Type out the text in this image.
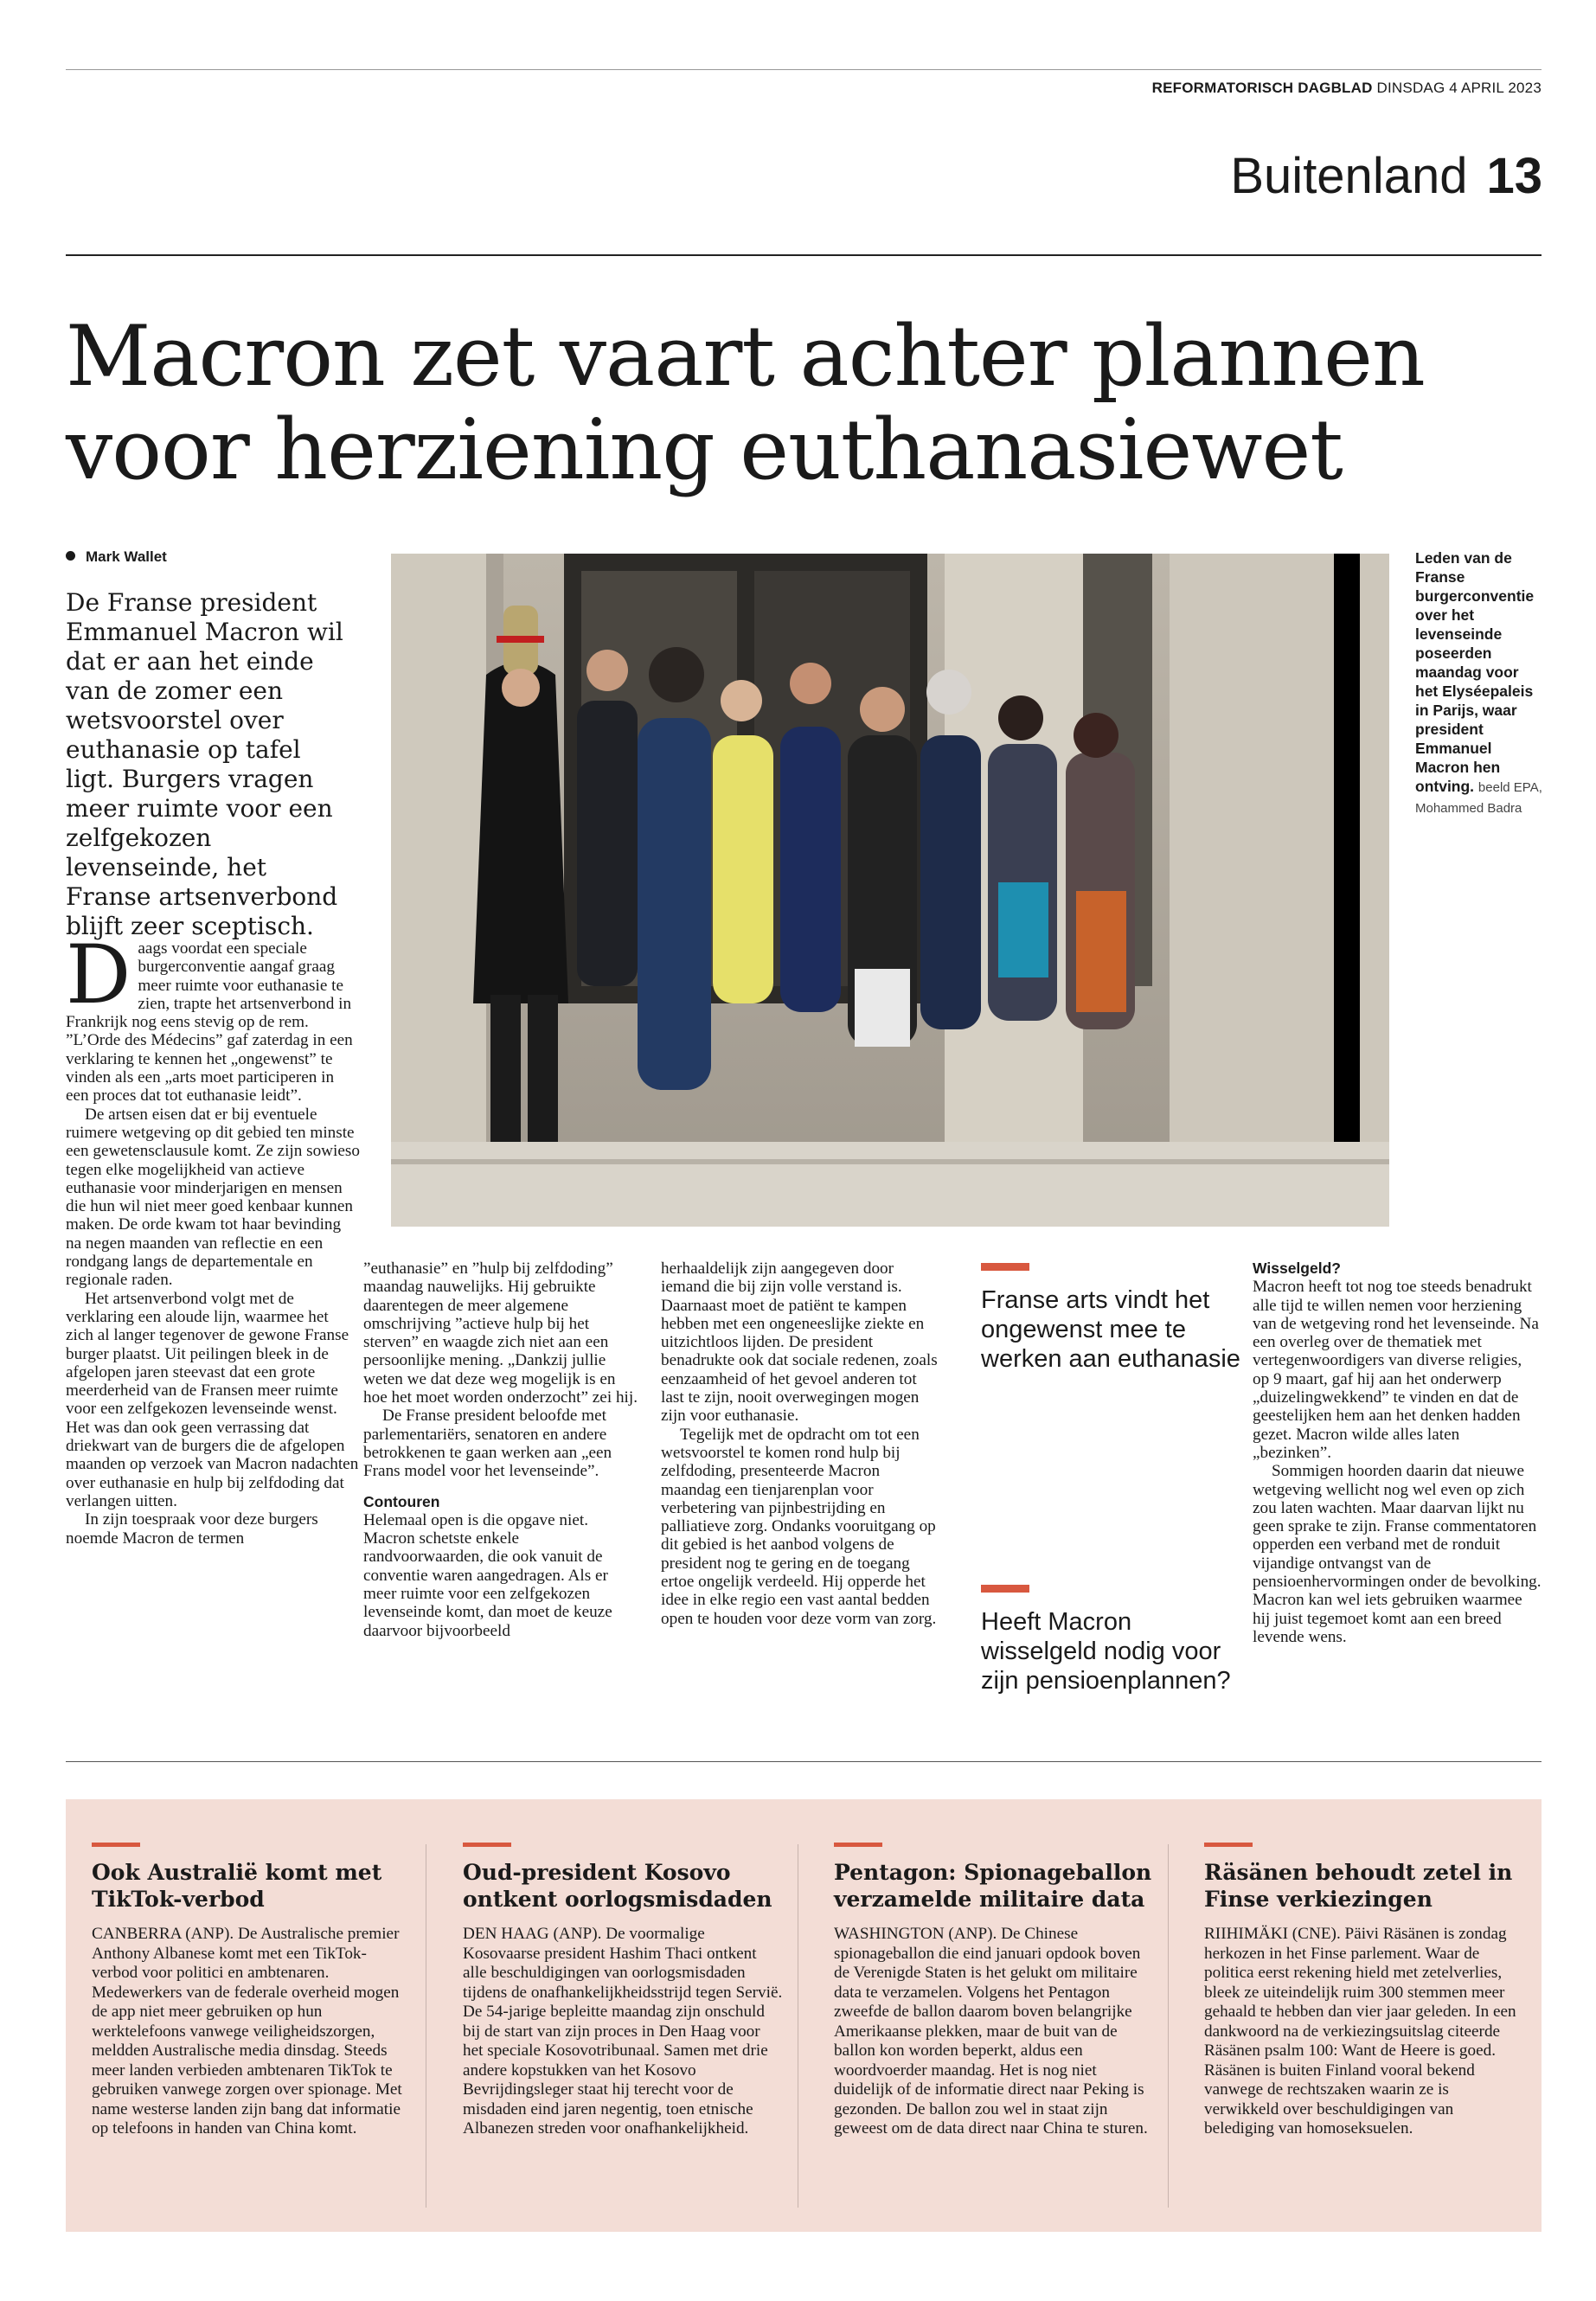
REFORMATORISCH DAGBLAD DINSDAG 4 APRIL 2023
Buitenland 13
Macron zet vaart achter plannen voor herziening euthanasiewet
Mark Wallet
De Franse president Emmanuel Macron wil dat er aan het einde van de zomer een wetsvoorstel over euthanasie op tafel ligt. Burgers vragen meer ruimte voor een zelfgekozen levenseinde, het Franse artsenverbond blijft zeer sceptisch.
Leden van de Franse burgerconventie over het levenseinde poseerden maandag voor het Elyséepaleis in Parijs, waar president Emmanuel Macron hen ontving. beeld EPA, Mohammed Badra
D aags voordat een speciale burgerconventie aangaf graag meer ruimte voor euthanasie te zien, trapte het artsenverbond in Frankrijk nog eens stevig op de rem. ”L’Orde des Médecins” gaf zaterdag in een verklaring te kennen het „ongewenst” te vinden als een „arts moet participeren in een proces dat tot euthanasie leidt”.

De artsen eisen dat er bij eventuele ruimere wetgeving op dit gebied ten minste een gewetensclausule komt. Ze zijn sowieso tegen elke mogelijkheid van actieve euthanasie voor minderjarigen en mensen die hun wil niet meer goed kenbaar kunnen maken. De orde kwam tot haar bevinding na negen maanden van reflectie en een rondgang langs de departementale en regionale raden.

Het artsenverbond volgt met de verklaring een aloude lijn, waarmee het zich al langer tegenover de gewone Franse burger plaatst. Uit peilingen bleek in de afgelopen jaren steevast dat een grote meerderheid van de Fransen meer ruimte voor een zelfgekozen levenseinde wenst. Het was dan ook geen verrassing dat driekwart van de burgers die de afgelopen maanden op verzoek van Macron nadachten over euthanasie en hulp bij zelfdoding dat verlangen uitten.

In zijn toespraak voor deze burgers noemde Macron de termen

”euthanasie” en ”hulp bij zelfdoding” maandag nauwelijks. Hij gebruikte daarentegen de meer algemene omschrijving ”actieve hulp bij het sterven” en waagde zich niet aan een persoonlijke mening. „Dankzij jullie weten we dat deze weg mogelijk is en hoe het moet worden onderzocht” zei hij.

De Franse president beloofde met parlementariërs, senatoren en andere betrokkenen te gaan werken aan „een Frans model voor het levenseinde”.

Contouren

Helemaal open is die opgave niet. Macron schetste enkele randvoorwaarden, die ook vanuit de conventie waren aangedragen. Als er meer ruimte voor een zelfgekozen levenseinde komt, dan moet de keuze daarvoor bijvoorbeeld

herhaaldelijk zijn aangegeven door iemand die bij zijn volle verstand is. Daarnaast moet de patiënt te kampen hebben met een ongeneeslijke ziekte en uitzichtloos lijden. De president benadrukte ook dat sociale redenen, zoals eenzaamheid of het gevoel anderen tot last te zijn, nooit overwegingen mogen zijn voor euthanasie.

Tegelijk met de opdracht om tot een wetsvoorstel te komen rond hulp bij zelfdoding, presenteerde Macron maandag een tienjarenplan voor verbetering van pijnbestrijding en palliatieve zorg. Ondanks vooruitgang op dit gebied is het aanbod volgens de president nog te gering en de toegang ertoe ongelijk verdeeld. Hij opperde het idee in elke regio een vast aantal bedden open te houden voor deze vorm van zorg.

Franse arts vindt het ongewenst mee te werken aan euthanasie
Heeft Macron wisselgeld nodig voor zijn pensioenplannen?
Wisselgeld?

Macron heeft tot nog toe steeds benadrukt alle tijd te willen nemen voor herziening van de wetgeving rond het levenseinde. Na een overleg over de thematiek met vertegenwoordigers van diverse religies, op 9 maart, gaf hij aan het onderwerp „duizelingwekkend” te vinden en dat de geestelijken hem aan het denken hadden gezet. Macron wilde alles laten „bezinken”.

Sommigen hoorden daarin dat nieuwe wetgeving wellicht nog wel even op zich zou laten wachten. Maar daarvan lijkt nu geen sprake te zijn. Franse commentatoren opperden een verband met de ronduit vijandige ontvangst van de pensioenhervormingen onder de bevolking. Macron kan wel iets gebruiken waarmee hij juist tegemoet komt aan een breed levende wens.

Ook Australië komt met TikTok-verbod
CANBERRA (ANP). De Australische premier Anthony Albanese komt met een TikTok-verbod voor politici en ambtenaren. Medewerkers van de federale overheid mogen de app niet meer gebruiken op hun werktelefoons vanwege veiligheidszorgen, meldden Australische media dinsdag. Steeds meer landen verbieden ambtenaren TikTok te gebruiken vanwege zorgen over spionage. Met name westerse landen zijn bang dat informatie op telefoons in handen van China komt.
Oud-president Kosovo ontkent oorlogsmisdaden
DEN HAAG (ANP). De voormalige Kosovaarse president Hashim Thaci ontkent alle beschuldigingen van oorlogsmisdaden tijdens de onafhankelijkheidsstrijd tegen Servië. De 54-jarige bepleitte maandag zijn onschuld bij de start van zijn proces in Den Haag voor het speciale Kosovotribunaal. Samen met drie andere kopstukken van het Kosovo Bevrijdingsleger staat hij terecht voor de misdaden eind jaren negentig, toen etnische Albanezen streden voor onafhankelijkheid.
Pentagon: Spionageballon verzamelde militaire data
WASHINGTON (ANP). De Chinese spionageballon die eind januari opdook boven de Verenigde Staten is het gelukt om militaire data te verzamelen. Volgens het Pentagon zweefde de ballon daarom boven belangrijke Amerikaanse plekken, maar de buit van de ballon kon worden beperkt, aldus een woordvoerder maandag. Het is nog niet duidelijk of de informatie direct naar Peking is gezonden. De ballon zou wel in staat zijn geweest om de data direct naar China te sturen.
Räsänen behoudt zetel in Finse verkiezingen
RIIHIMÄKI (CNE). Päivi Räsänen is zondag herkozen in het Finse parlement. Waar de politica eerst rekening hield met zetelverlies, bleek ze uiteindelijk ruim 300 stemmen meer gehaald te hebben dan vier jaar geleden. In een dankwoord na de verkiezingsuitslag citeerde Räsänen psalm 100: Want de Heere is goed. Räsänen is buiten Finland vooral bekend vanwege de rechtszaken waarin ze is verwikkeld over beschuldigingen van belediging van homoseksuelen.
